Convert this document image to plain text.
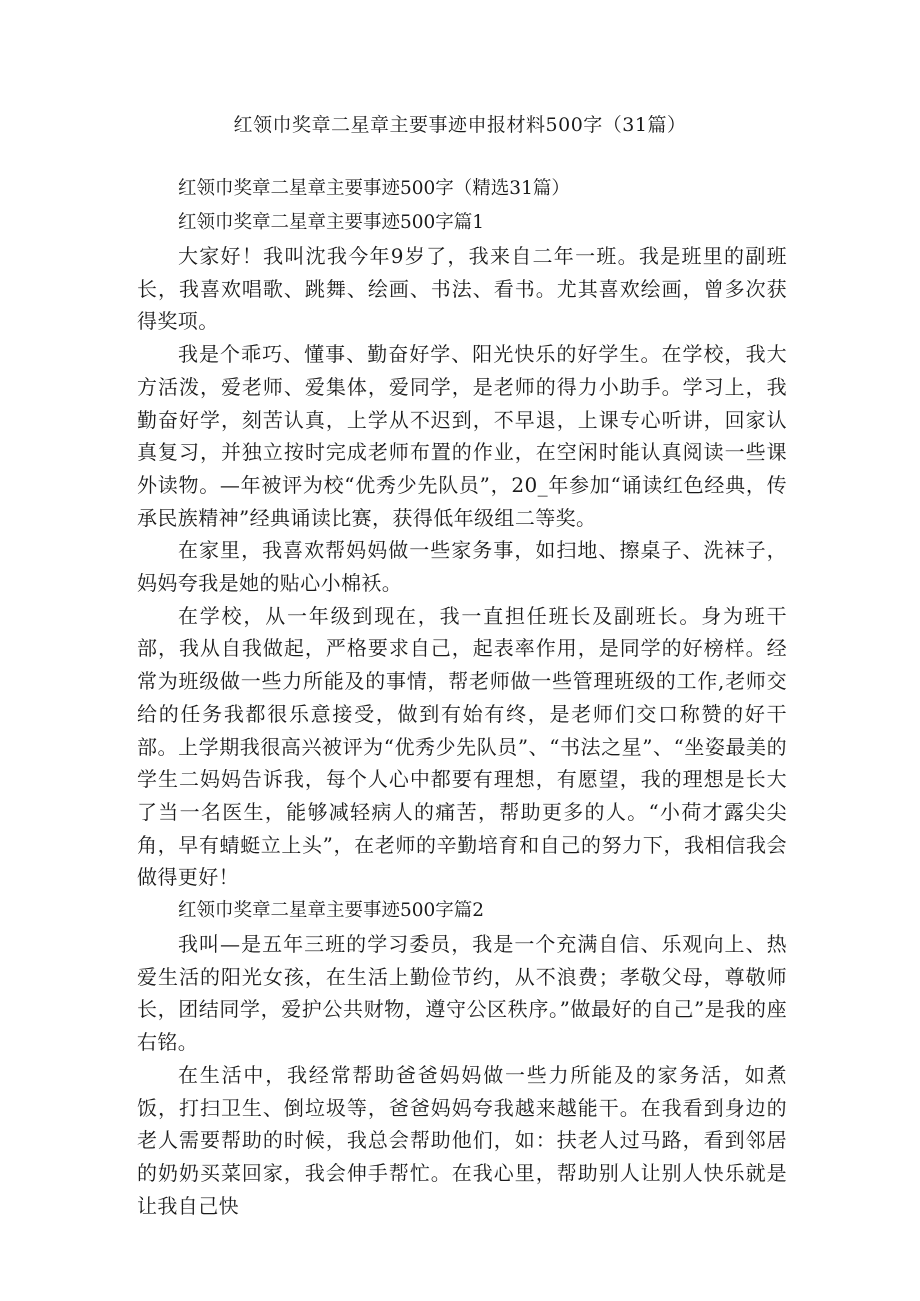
红领巾奖章二星章主要事迹申报材料500字（31篇）

红领巾奖章二星章主要事迹500字（精选31篇）

红领巾奖章二星章主要事迹500字篇1

大家好！我叫沈我今年9岁了，我来自二年一班。我是班里的副班长，我喜欢唱歌、跳舞、绘画、书法、看书。尤其喜欢绘画，曾多次获得奖项。

我是个乖巧、懂事、勤奋好学、阳光快乐的好学生。在学校，我大方活泼，爱老师、爱集体，爱同学，是老师的得力小助手。学习上，我勤奋好学，刻苦认真，上学从不迟到，不早退，上课专心听讲，回家认真复习，并独立按时完成老师布置的作业，在空闲时能认真阅读一些课外读物。—年被评为校“优秀少先队员”，20_年参加“诵读红色经典，传承民族精神”经典诵读比赛，获得低年级组二等奖。

在家里，我喜欢帮妈妈做一些家务事，如扫地、擦桌子、洗袜子，妈妈夸我是她的贴心小棉袄。

在学校，从一年级到现在，我一直担任班长及副班长。身为班干部，我从自我做起，严格要求自己，起表率作用，是同学的好榜样。经常为班级做一些力所能及的事情，帮老师做一些管理班级的工作,老师交给的任务我都很乐意接受，做到有始有终，是老师们交口称赞的好干部。上学期我很高兴被评为“优秀少先队员”、“书法之星”、“坐姿最美的学生二妈妈告诉我，每个人心中都要有理想，有愿望，我的理想是长大了当一名医生，能够减轻病人的痛苦，帮助更多的人。“小荷才露尖尖角，早有蜻蜓立上头”，在老师的辛勤培育和自己的努力下，我相信我会做得更好！

红领巾奖章二星章主要事迹500字篇2

我叫—是五年三班的学习委员，我是一个充满自信、乐观向上、热爱生活的阳光女孩，在生活上勤俭节约，从不浪费；孝敬父母，尊敬师长，团结同学，爱护公共财物，遵守公区秩序。”做最好的自己”是我的座右铭。

在生活中，我经常帮助爸爸妈妈做一些力所能及的家务活，如煮饭，打扫卫生、倒垃圾等，爸爸妈妈夸我越来越能干。在我看到身边的老人需要帮助的时候，我总会帮助他们，如：扶老人过马路，看到邻居的奶奶买菜回家，我会伸手帮忙。在我心里，帮助别人让别人快乐就是让我自己快
